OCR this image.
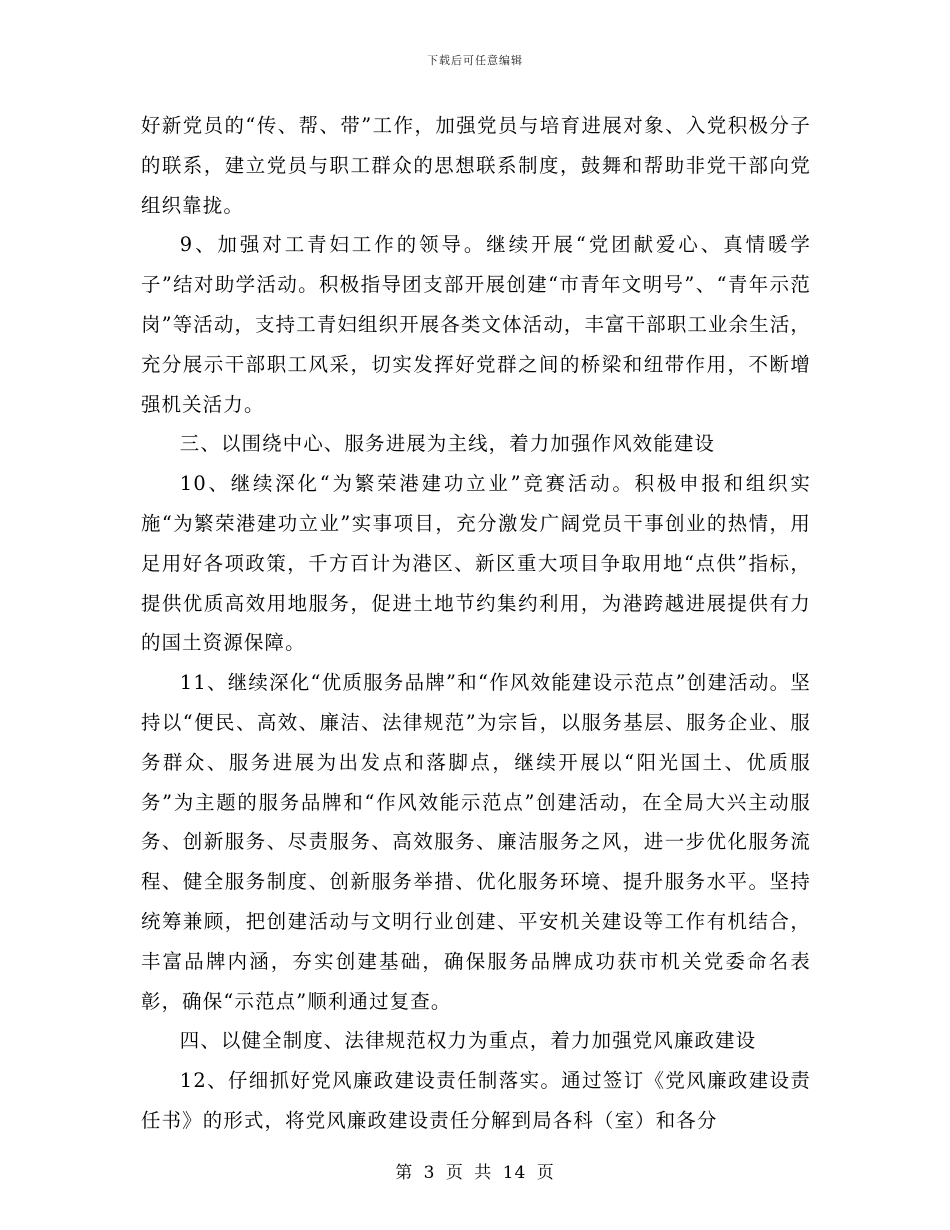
下载后可任意编辑

好新党员的“传、帮、带”工作，加强党员与培育进展对象、入党积极分子的联系，建立党员与职工群众的思想联系制度，鼓舞和帮助非党干部向党组织靠拢。

9、加强对工青妇工作的领导。继续开展“党团献爱心、真情暖学子”结对助学活动。积极指导团支部开展创建“市青年文明号”、“青年示范岗”等活动，支持工青妇组织开展各类文体活动，丰富干部职工业余生活，充分展示干部职工风采，切实发挥好党群之间的桥梁和纽带作用，不断增强机关活力。

三、以围绕中心、服务进展为主线，着力加强作风效能建设

10、继续深化“为繁荣港建功立业”竞赛活动。积极申报和组织实施“为繁荣港建功立业”实事项目，充分激发广阔党员干事创业的热情，用足用好各项政策，千方百计为港区、新区重大项目争取用地“点供”指标，提供优质高效用地服务，促进土地节约集约利用，为港跨越进展提供有力的国土资源保障。

11、继续深化“优质服务品牌”和“作风效能建设示范点”创建活动。坚持以“便民、高效、廉洁、法律规范”为宗旨，以服务基层、服务企业、服务群众、服务进展为出发点和落脚点，继续开展以“阳光国土、优质服务”为主题的服务品牌和“作风效能示范点”创建活动，在全局大兴主动服务、创新服务、尽责服务、高效服务、廉洁服务之风，进一步优化服务流程、健全服务制度、创新服务举措、优化服务环境、提升服务水平。坚持统筹兼顾，把创建活动与文明行业创建、平安机关建设等工作有机结合，丰富品牌内涵，夯实创建基础，确保服务品牌成功获市机关党委命名表彰，确保“示范点”顺利通过复查。

四、以健全制度、法律规范权力为重点，着力加强党风廉政建设

12、仔细抓好党风廉政建设责任制落实。通过签订《党风廉政建设责任书》的形式，将党风廉政建设责任分解到局各科（室）和各分

第 3 页 共 14 页
